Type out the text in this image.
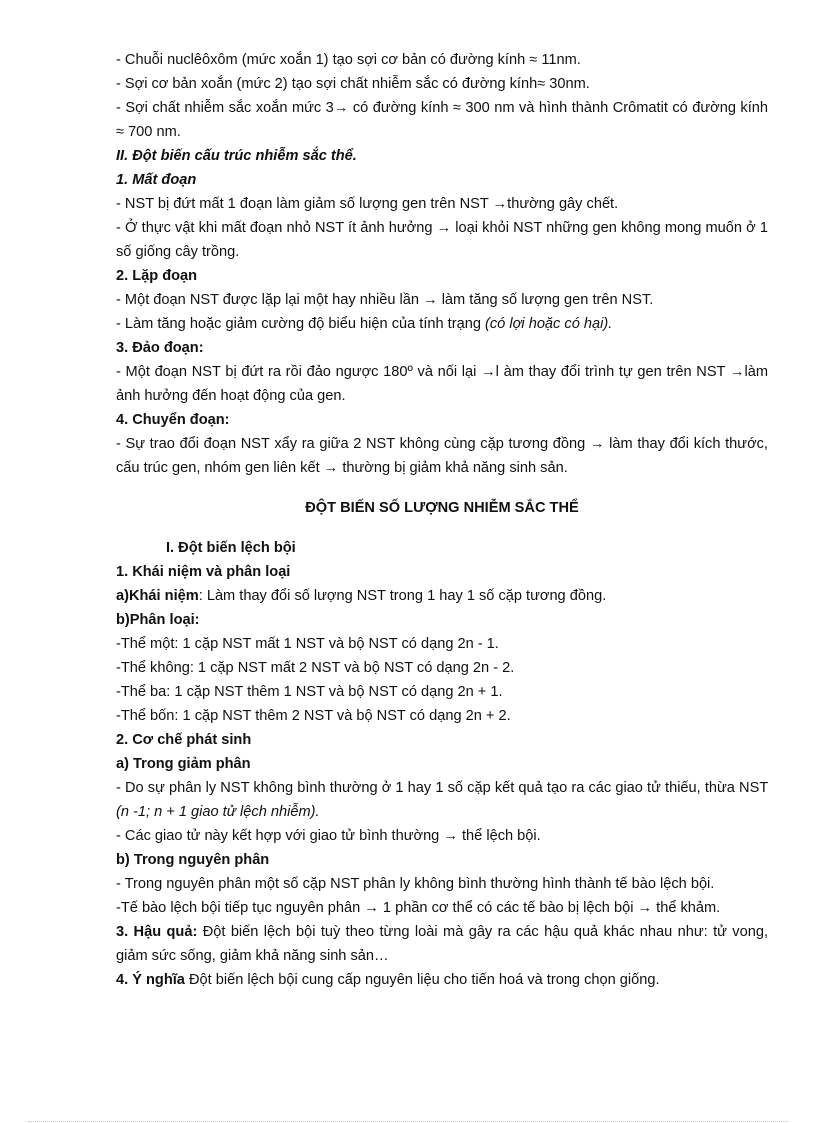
- Chuỗi nuclêôxôm (mức xoắn 1) tạo sợi cơ bản có đường kính ≈ 11nm.

- Sợi cơ bản xoắn (mức 2) tạo sợi chất nhiễm sắc có đường kính≈ 30nm.

- Sợi chất nhiễm sắc xoắn mức 3→ có đường kính ≈ 300 nm và hình thành Crômatit có đường kính ≈ 700 nm.

II. Đột biến cấu trúc nhiễm sắc thể.

1. Mất đoạn

- NST bị đứt mất 1 đoạn làm giảm số lượng gen trên NST →thường gây chết.

- Ở thực vật khi mất đoạn nhỏ NST ít ảnh hưởng → loại khỏi NST những gen không mong muốn ở 1 số giống cây trồng.

2. Lặp đoạn

- Một đoạn NST được lặp lại một hay nhiều lần → làm tăng số lượng gen trên NST.

- Làm tăng hoặc giảm cường độ biểu hiện của tính trạng (có lợi hoặc có hại).

3. Đảo đoạn:

- Một đoạn NST bị đứt ra rồi đảo ngược 180º và nối lại →l àm thay đổi trình tự gen trên NST →làm ảnh hưởng đến hoạt động của gen.

4. Chuyển đoạn:

- Sự trao đổi đoạn NST xẩy ra giữa 2 NST không cùng cặp tương đồng → làm thay đổi kích thước, cấu trúc gen, nhóm gen liên kết → thường bị giảm khả năng sinh sản.

ĐỘT BIẾN SỐ LƯỢNG NHIỄM SẮC THỂ

I. Đột biến lệch bội

1. Khái niệm và phân loại

a)Khái niệm: Làm thay đổi số lượng NST trong 1 hay 1 số cặp tương đồng.

b)Phân loại:

-Thể một: 1 cặp NST mất 1 NST và bộ NST có dạng 2n - 1.

-Thể không: 1 cặp NST mất 2 NST và bộ NST có dạng 2n - 2.

-Thể ba: 1 cặp NST thêm 1 NST và bộ NST có dạng 2n + 1.

-Thể bốn: 1 cặp NST thêm 2 NST và bộ NST có dạng 2n + 2.

2. Cơ chế phát sinh

a) Trong giảm phân

- Do sự phân ly NST không bình thường ở 1 hay 1 số cặp kết quả tạo ra các giao tử thiếu, thừa NST (n -1; n + 1 giao tử lệch nhiễm).

- Các giao tử này kết hợp với giao tử bình thường → thể lệch bội.

b) Trong nguyên phân

- Trong nguyên phân một số cặp NST phân ly không bình thường hình thành tế bào lệch bội.

-Tế bào lệch bội tiếp tục nguyên phân → 1 phần cơ thể có các tế bào bị lệch bội → thể khảm.

3. Hậu quả: Đột biến lệch bội tuỳ theo từng loài mà gây ra các hậu quả khác nhau như: tử vong, giảm sức sống, giảm khả năng sinh sản…

4. Ý nghĩa Đột biến lệch bội cung cấp nguyên liệu cho tiến hoá và trong chọn giống.
